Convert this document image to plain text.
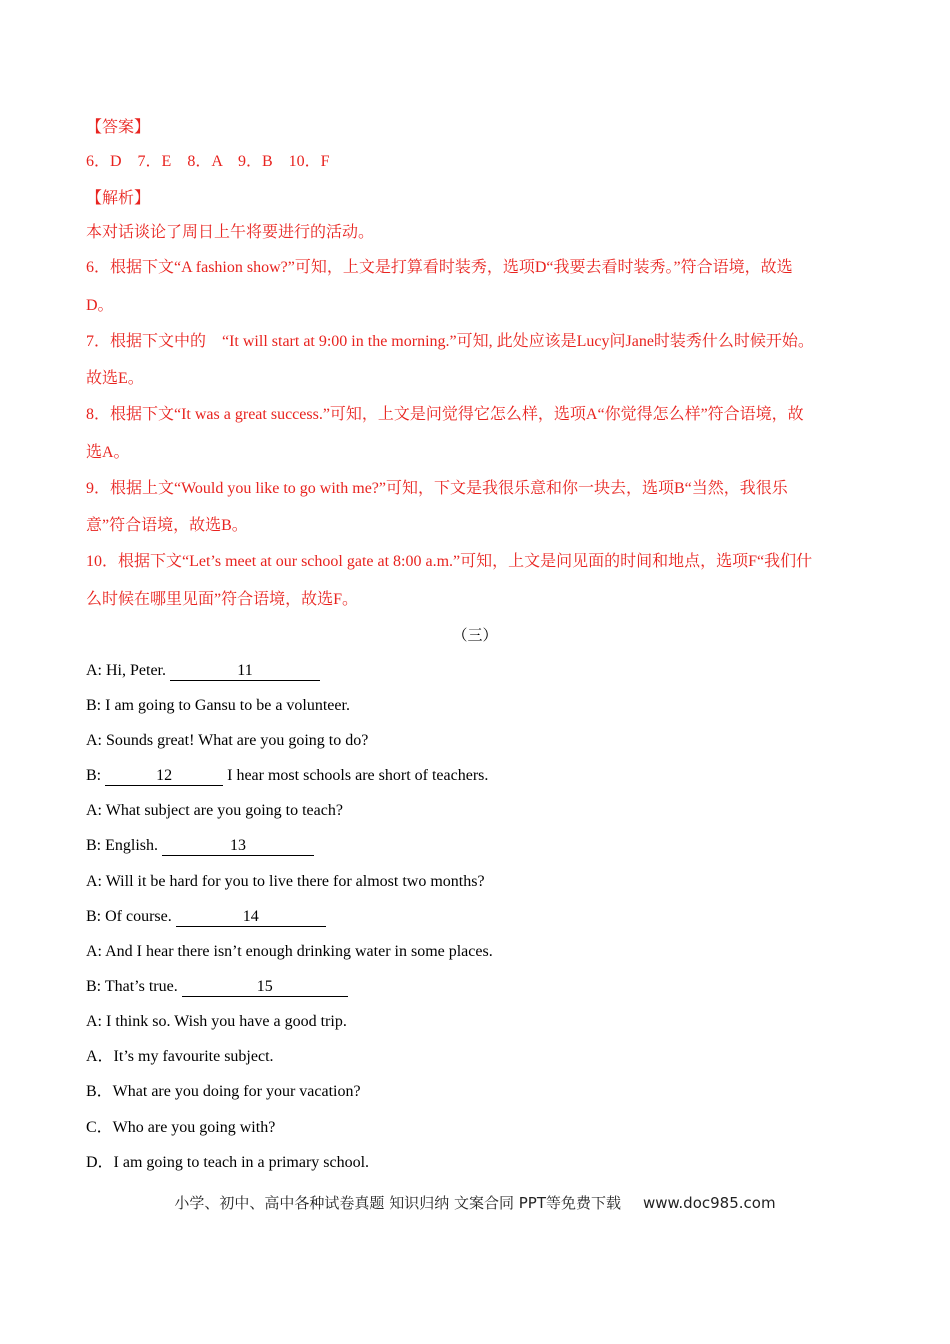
【答案】
6．D　7．E　8．A　9．B　10．F
【解析】
本对话谈论了周日上午将要进行的活动。
6．根据下文“A fashion show?”可知，上文是打算看时装秀，选项D“我要去看时装秀。”符合语境，故选
D。
7．根据下文中的　“It will start at 9:00 in the morning.”可知, 此处应该是Lucy问Jane时装秀什么时候开始。
故选E。
8．根据下文“It was a great success.”可知，上文是问觉得它怎么样，选项A“你觉得怎么样”符合语境，故
选A。
9．根据上文“Would you like to go with me?”可知，下文是我很乐意和你一块去，选项B“当然，我很乐
意”符合语境，故选B。
10．根据下文“Let’s meet at our school gate at 8:00 a.m.”可知，上文是问见面的时间和地点，选项F“我们什
么时候在哪里见面”符合语境，故选F。
（三）
A: Hi, Peter.	11
B: I am going to Gansu to be a volunteer.
A: Sounds great! What are you going to do?
B:	12	I hear most schools are short of teachers.
A: What subject are you going to teach?
B: English.	13
A: Will it be hard for you to live there for almost two months?
B: Of course.	14
A: And I hear there isn’t enough drinking water in some places.
B: That’s true.	15
A: I think so. Wish you have a good trip.
A．It’s my favourite subject.
B．What are you doing for your vacation?
C．Who are you going with?
D．I am going to teach in a primary school.
小学、初中、高中各种试卷真题 知识归纳 文案合同 PPT等免费下载 www.doc985.com
